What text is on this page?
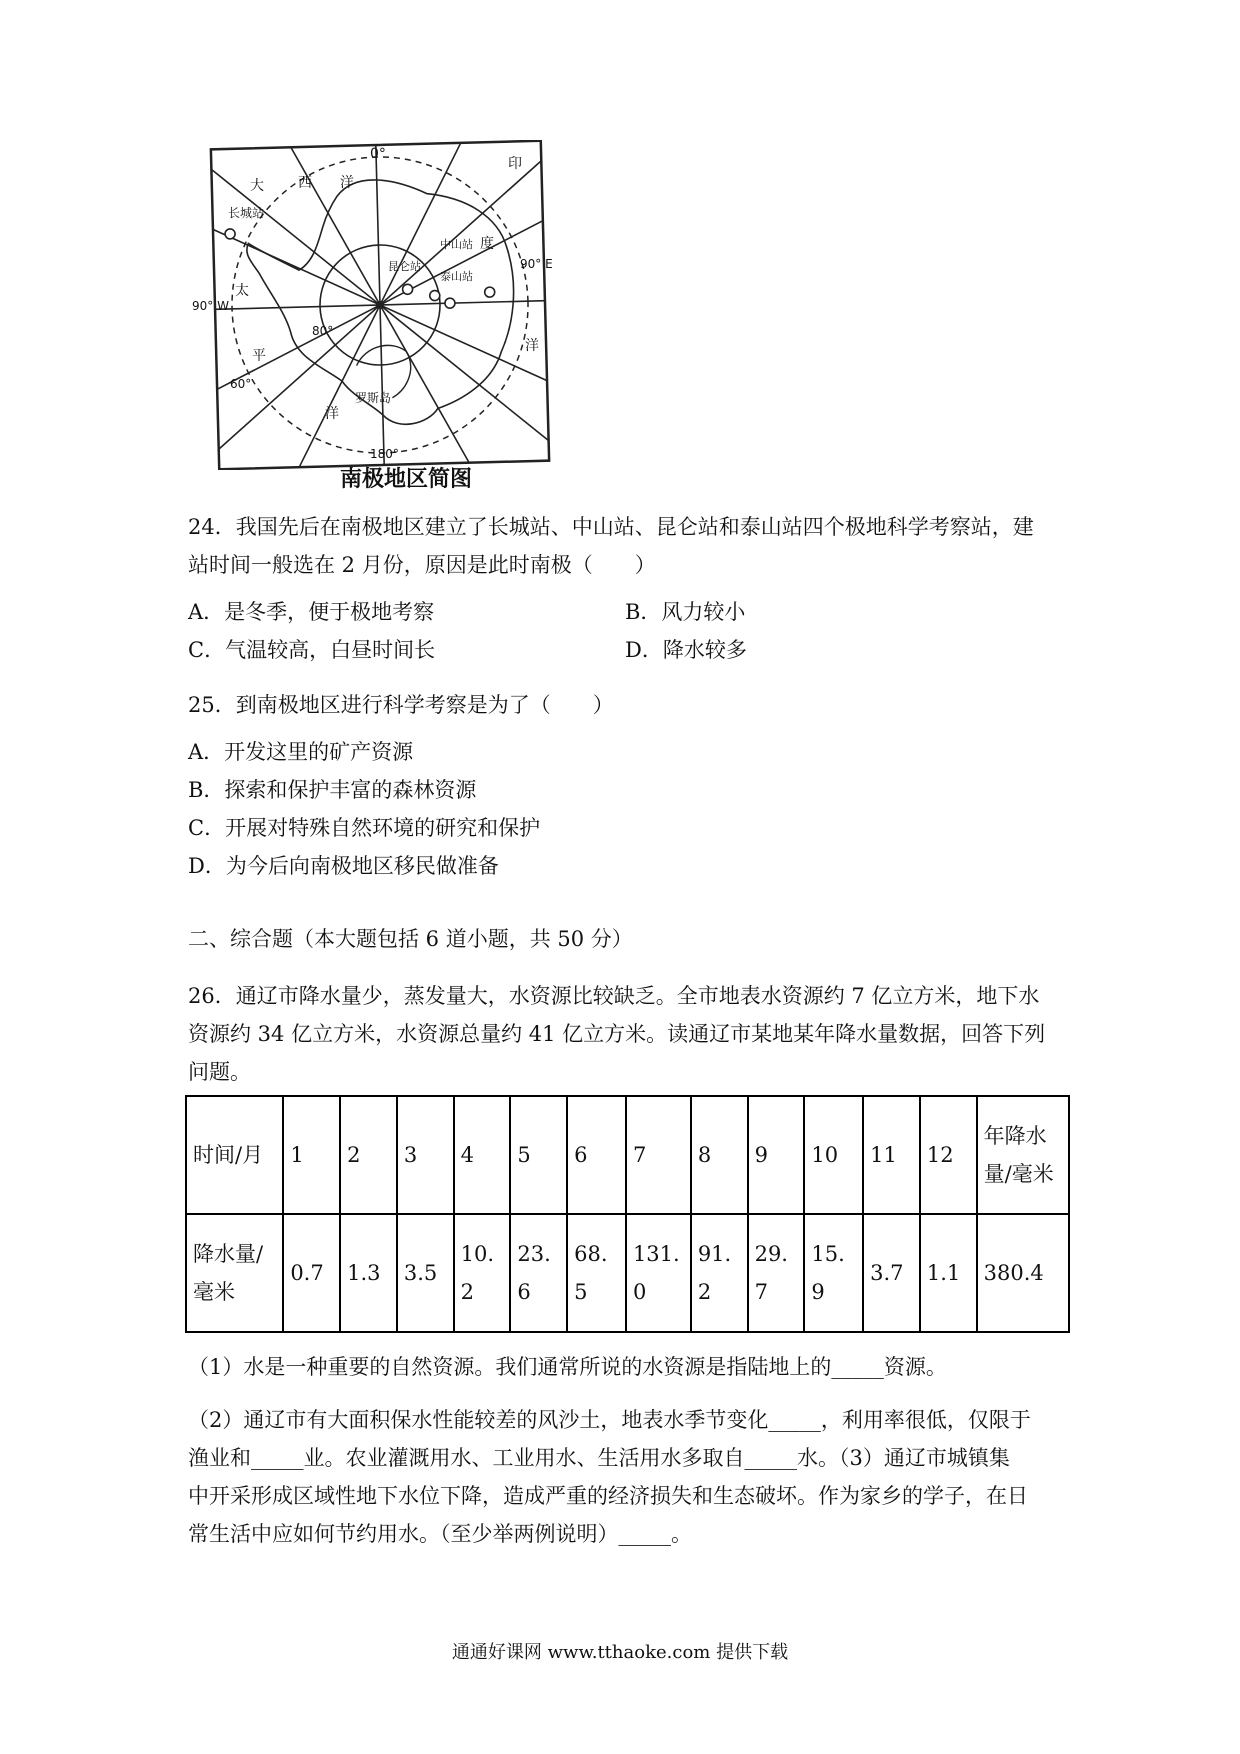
0°
90° W
90° E
180°
80°
60°
大 西 洋
印
度
洋
太
平
洋
长城站
昆仑站
中山站
泰山站
罗斯岛
南极地区简图
24．我国先后在南极地区建立了长城站、中山站、昆仑站和泰山站四个极地科学考察站，建
站时间一般选在 2 月份，原因是此时南极（　　）
A．是冬季，便于极地考察	B．风力较小
C．气温较高，白昼时间长	D．降水较多
25．到南极地区进行科学考察是为了（　　）
A．开发这里的矿产资源
B．探索和保护丰富的森林资源
C．开展对特殊自然环境的研究和保护
D．为今后向南极地区移民做准备
二、综合题（本大题包括 6 道小题，共 50 分）
26．通辽市降水量少，蒸发量大，水资源比较缺乏。全市地表水资源约 7 亿立方米，地下水
资源约 34 亿立方米，水资源总量约 41 亿立方米。读通辽市某地某年降水量数据，回答下列
问题。
时间/月	1	2	3	4	5	6	7	8	9	10	11	12	年降水量/毫米
降水量/毫米	0.7	1.3	3.5	10.2	23.6	68.5	131.0	91.2	29.7	15.9	3.7	1.1	380.4
（1）水是一种重要的自然资源。我们通常所说的水资源是指陆地上的_____资源。
（2）通辽市有大面积保水性能较差的风沙土，地表水季节变化_____，利用率很低，仅限于
渔业和_____业。农业灌溉用水、工业用水、生活用水多取自_____水。（3）通辽市城镇集
中开采形成区域性地下水位下降，造成严重的经济损失和生态破坏。作为家乡的学子，在日
常生活中应如何节约用水。（至少举两例说明）_____。
通通好课网 www.tthaoke.com 提供下载
